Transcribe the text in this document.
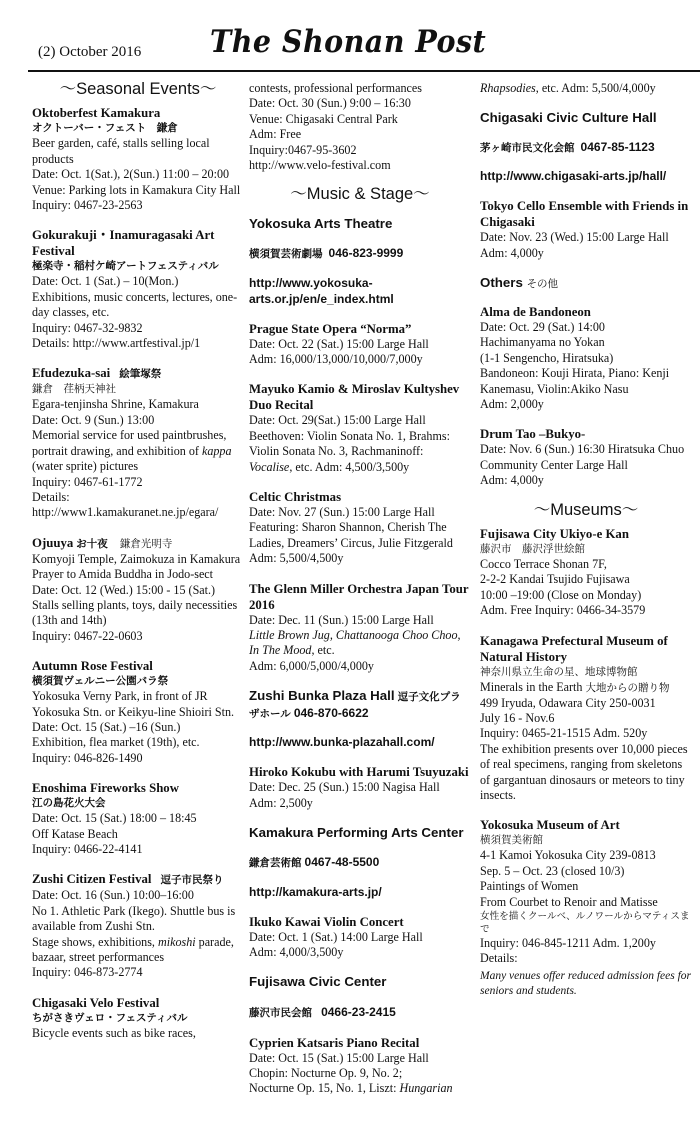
(2) October 2016 The Shonan Post
～Seasonal Events～

Oktoberfest Kamakura

オクトーバー・フェスト　鎌倉

Beer garden, café, stalls selling local products

Date: Oct. 1(Sat.), 2(Sun.) 11:00 – 20:00

Venue: Parking lots in Kamakura City Hall

Inquiry: 0467-23-2563

Gokurakuji・Inamuragasaki Art Festival

極楽寺・稲村ケ崎アートフェスティバル

Date: Oct. 1 (Sat.) – 10(Mon.)

Exhibitions, music concerts, lectures, one-day classes, etc.

Inquiry: 0467-32-9832

Details: http://www.artfestival.jp/1

Efudezuka-sai 絵筆塚祭

鎌倉　荏柄天神社

Egara-tenjinsha Shrine, Kamakura

Date: Oct. 9 (Sun.) 13:00

Memorial service for used paintbrushes, portrait drawing, and exhibition of kappa

(water sprite) pictures

Inquiry: 0467-61-1772

Details:

http://www1.kamakuranet.ne.jp/egara/

Ojuuya お十夜 鎌倉光明寺

Komyoji Temple, Zaimokuza in Kamakura

Prayer to Amida Buddha in Jodo-sect

Date: Oct. 12 (Wed.) 15:00 - 15 (Sat.)

Stalls selling plants, toys, daily necessities (13th and 14th)

Inquiry: 0467-22-0603

Autumn Rose Festival

横須賀ヴェルニー公園バラ祭

Yokosuka Verny Park, in front of JR Yokosuka Stn. or Keikyu-line Shioiri Stn.

Date: Oct. 15 (Sat.) –16 (Sun.)

Exhibition, flea market (19th), etc.

Inquiry: 046-826-1490

Enoshima Fireworks Show

江の島花火大会

Date: Oct. 15 (Sat.) 18:00 – 18:45

Off Katase Beach

Inquiry: 0466-22-4141

Zushi Citizen Festival 逗子市民祭り

Date: Oct. 16 (Sun.) 10:00–16:00

No 1. Athletic Park (Ikego). Shuttle bus is available from Zushi Stn.

Stage shows, exhibitions, mikoshi parade, bazaar, street performances

Inquiry: 046-873-2774

Chigasaki Velo Festival

ちがさきヴェロ・フェスティバル

Bicycle events such as bike races,

contests, professional performances

Date: Oct. 30 (Sun.) 9:00 – 16:30

Venue: Chigasaki Central Park

Adm: Free

Inquiry:0467-95-3602

http://www.velo-festival.com

～Music & Stage～

Yokosuka Arts Theatre

横須賀芸術劇場 046-823-9999

http://www.yokosuka-arts.or.jp/en/e_index.html

Prague State Opera “Norma”

Date: Oct. 22 (Sat.) 15:00 Large Hall

Adm: 16,000/13,000/10,000/7,000y

Mayuko Kamio & Miroslav Kultyshev Duo Recital

Date: Oct. 29(Sat.) 15:00 Large Hall

Beethoven: Violin Sonata No. 1, Brahms: Violin Sonata No. 3, Rachmaninoff:

Vocalise, etc. Adm: 4,500/3,500y

Celtic Christmas

Date: Nov. 27 (Sun.) 15:00 Large Hall

Featuring: Sharon Shannon, Cherish The Ladies, Dreamers’ Circus, Julie Fitzgerald

Adm: 5,500/4,500y

The Glenn Miller Orchestra Japan Tour 2016

Date: Dec. 11 (Sun.) 15:00 Large Hall

Little Brown Jug, Chattanooga Choo Choo, In The Mood, etc.

Adm: 6,000/5,000/4,000y

Zushi Bunka Plaza Hall 逗子文化プラザホール 046-870-6622

http://www.bunka-plazahall.com/

Hiroko Kokubu with Harumi Tsuyuzaki

Date: Dec. 25 (Sun.) 15:00 Nagisa Hall

Adm: 2,500y

Kamakura Performing Arts Center

鎌倉芸術館 0467-48-5500

http://kamakura-arts.jp/

Ikuko Kawai Violin Concert

Date: Oct. 1 (Sat.) 14:00 Large Hall

Adm: 4,000/3,500y

Fujisawa Civic Center

藤沢市民会館 0466-23-2415

Cyprien Katsaris Piano Recital

Date: Oct. 15 (Sat.) 15:00 Large Hall

Chopin: Nocturne Op. 9, No. 2;

Nocturne Op. 15, No. 1, Liszt: Hungarian

Rhapsodies, etc. Adm: 5,500/4,000y

Chigasaki Civic Culture Hall

茅ヶ崎市民文化会館 0467-85-1123

http://www.chigasaki-arts.jp/hall/

Tokyo Cello Ensemble with Friends in Chigasaki

Date: Nov. 23 (Wed.) 15:00 Large Hall

Adm: 4,000y

Others その他

Alma de Bandoneon

Date: Oct. 29 (Sat.) 14:00

Hachimanyama no Yokan

(1-1 Sengencho, Hiratsuka)

Bandoneon: Kouji Hirata, Piano: Kenji Kanemasu, Violin:Akiko Nasu

Adm: 2,000y

Drum Tao –Bukyo-

Date: Nov. 6 (Sun.) 16:30 Hiratsuka Chuo Community Center Large Hall

Adm: 4,000y

～Museums～

Fujisawa City Ukiyo-e Kan

藤沢市　藤沢浮世絵館

Cocco Terrace Shonan 7F,

2-2-2 Kandai Tsujido Fujisawa

10:00 –19:00 (Close on Monday)

Adm. Free Inquiry: 0466-34-3579

Kanagawa Prefectural Museum of Natural History

神奈川県立生命の星、地球博物館

Minerals in the Earth 大地からの贈り物

499 Iryuda, Odawara City 250-0031

July 16 - Nov.6

Inquiry: 0465-21-1515 Adm. 520y

The exhibition presents over 10,000 pieces of real specimens, ranging from skeletons of gargantuan dinosaurs or meteors to tiny insects.

Yokosuka Museum of Art

横須賀美術館

4-1 Kamoi Yokosuka City 239-0813

Sep. 5 – Oct. 23 (closed 10/3)

Paintings of Women

From Courbet to Renoir and Matisse

女性を描くクールベ、ルノワールからマティスまで

Inquiry: 046-845-1211 Adm. 1,200y

Details:

Many venues offer reduced admission fees for seniors and students.
